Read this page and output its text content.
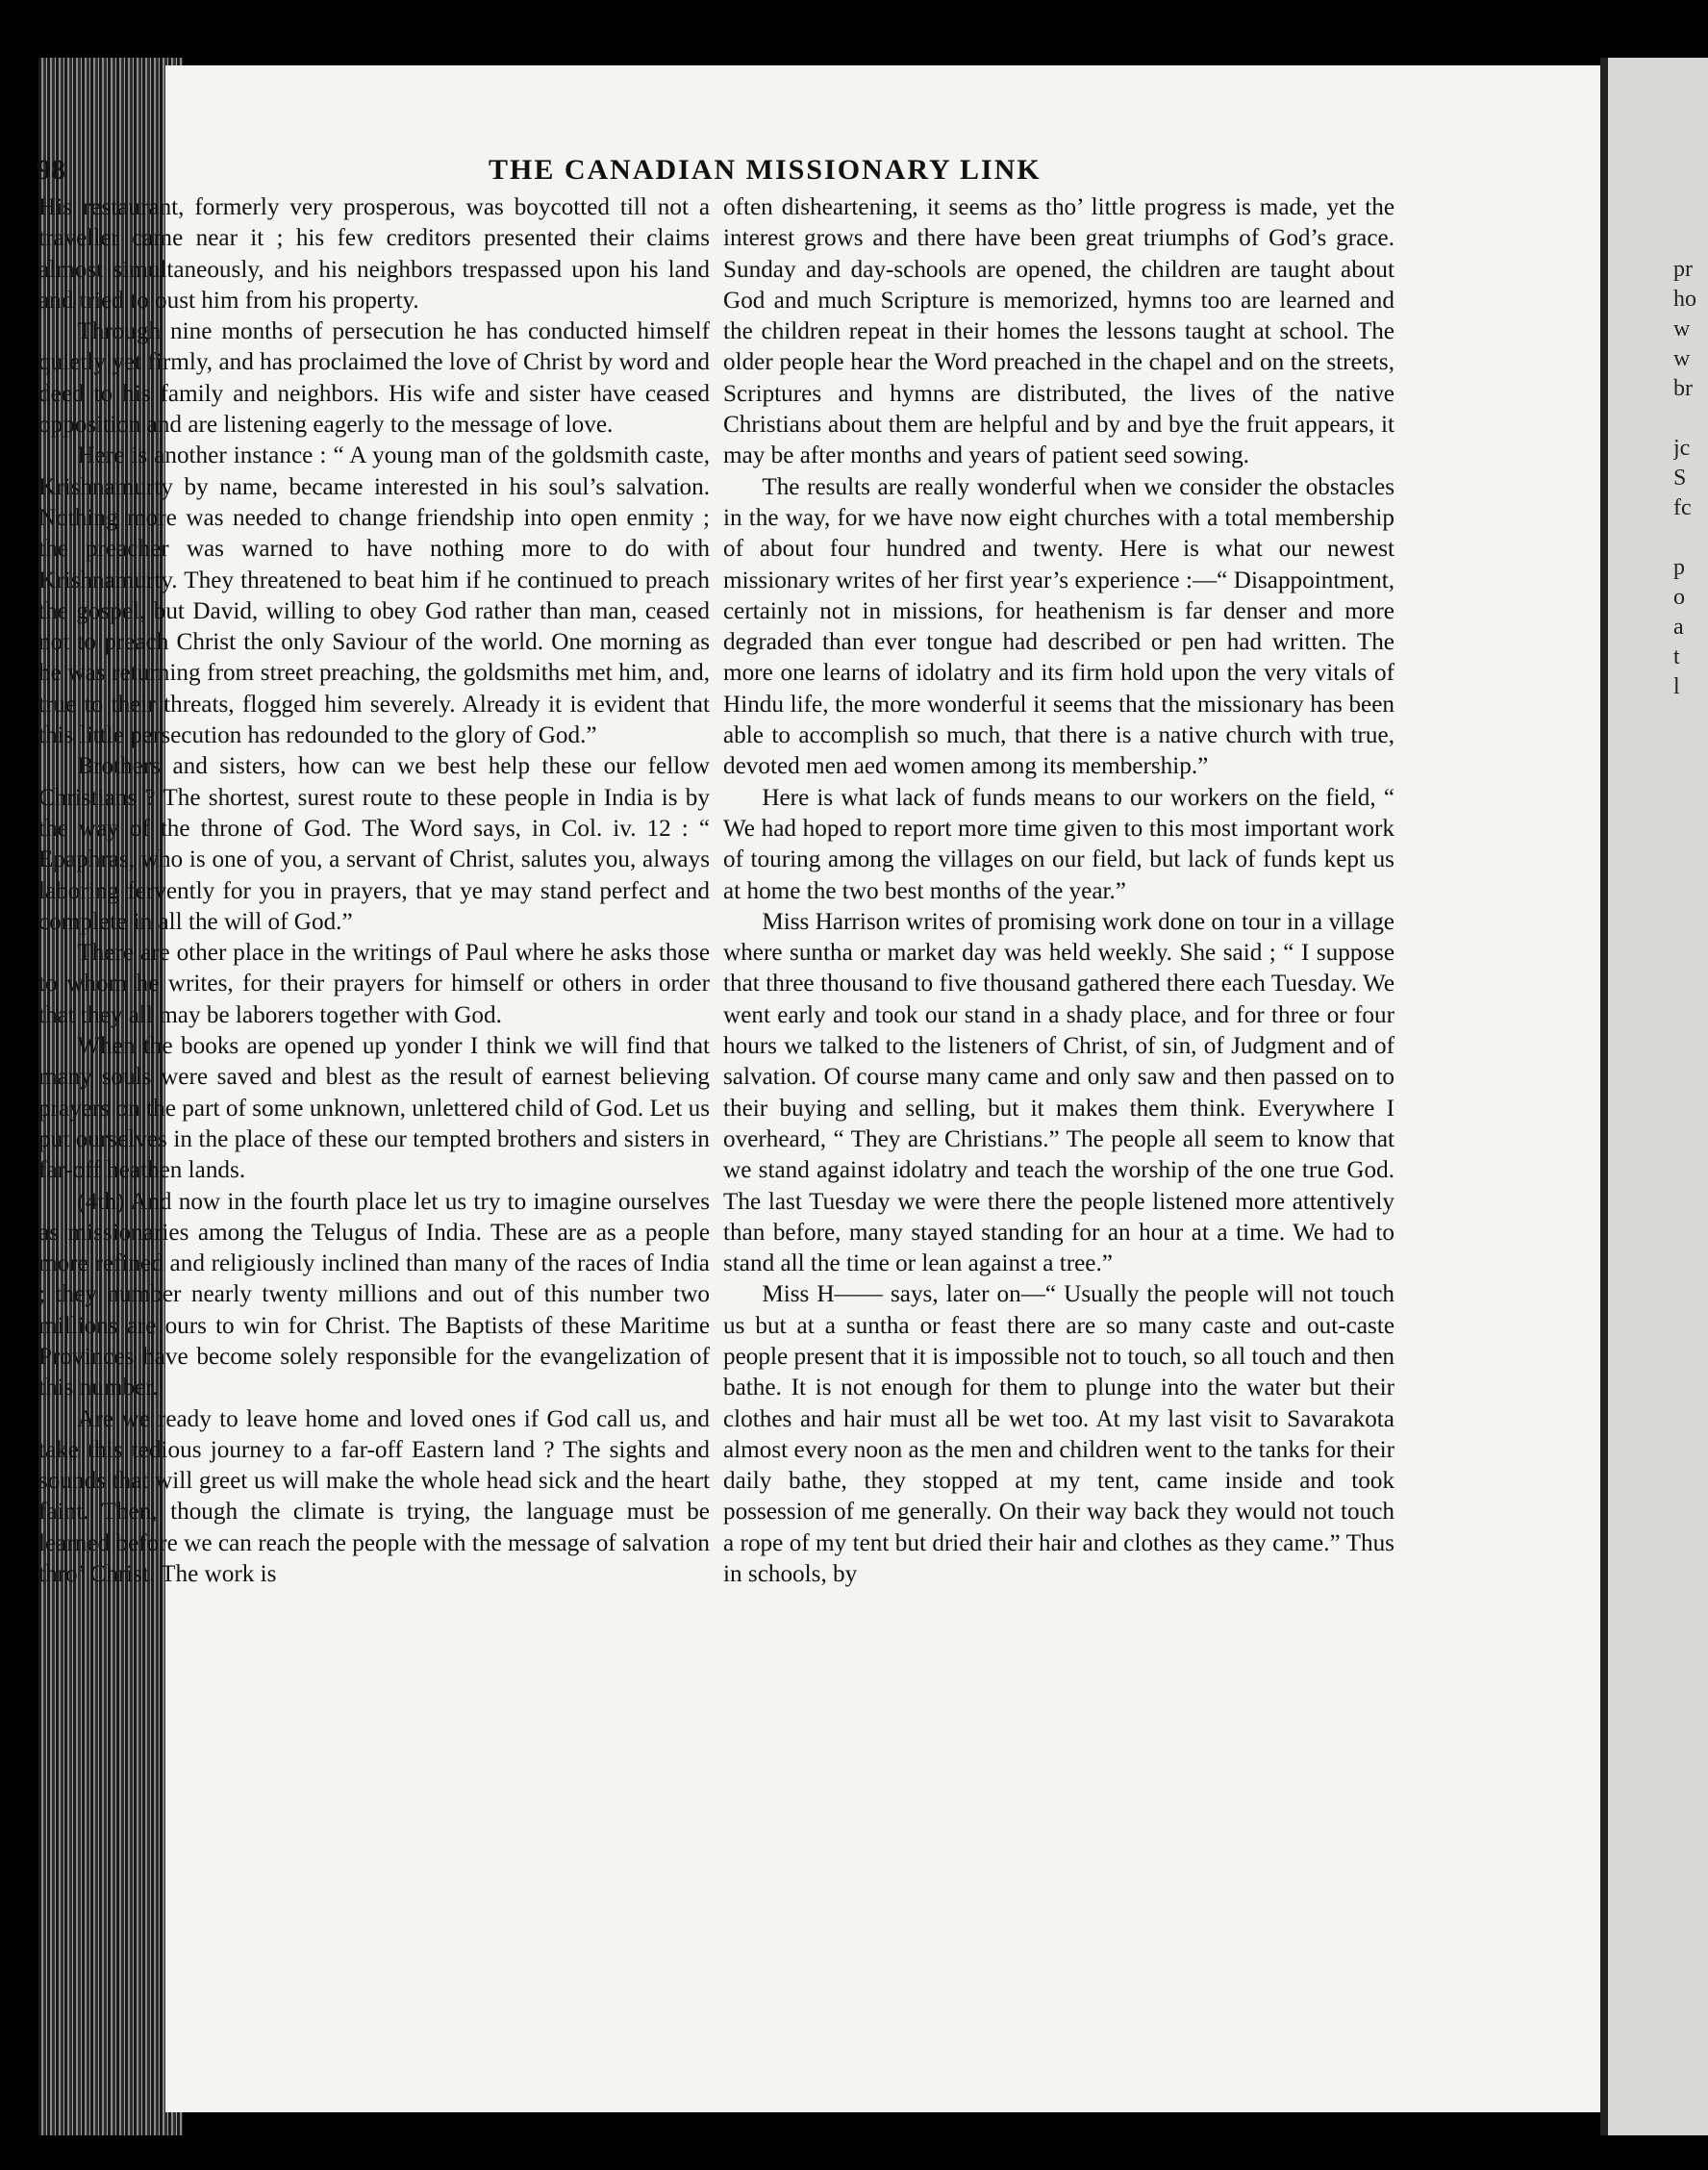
98	THE CANADIAN MISSIONARY LINK

His restaurant, formerly very prosperous, was boycotted till not a traveller came near it ; his few creditors presented their claims almost simultaneously, and his neighbors trespassed upon his land and tried to oust him from his property.

Through nine months of persecution he has conducted himself quietly yet firmly, and has proclaimed the love of Christ by word and deed to his family and neighbors. His wife and sister have ceased opposition and are listening eagerly to the message of love.

Here is another instance : “ A young man of the goldsmith caste, Krishnamurty by name, became interested in his soul’s salvation. Nothing more was needed to change friendship into open enmity ; the preacher was warned to have nothing more to do with Krishnamurty. They threatened to beat him if he continued to preach the gospel, but David, willing to obey God rather than man, ceased not to preach Christ the only Saviour of the world. One morning as he was returning from street preaching, the goldsmiths met him, and, true to their threats, flogged him severely. Already it is evident that this little persecution has redounded to the glory of God.”

Brothers and sisters, how can we best help these our fellow Christians ? The shortest, surest route to these people in India is by the way of the throne of God. The Word says, in Col. iv. 12 : “ Epaphras, who is one of you, a servant of Christ, salutes you, always laboring fervently for you in prayers, that ye may stand perfect and complete in all the will of God.”

There are other place in the writings of Paul where he asks those to whom he writes, for their prayers for himself or others in order that they all may be laborers together with God.

When the books are opened up yonder I think we will find that many souls were saved and blest as the result of earnest believing prayers on the part of some unknown, unlettered child of God. Let us put ourselves in the place of these our tempted brothers and sisters in far-off heathen lands.

(4th) And now in the fourth place let us try to imagine ourselves as missionaries among the Telugus of India. These are as a people more refined and religiously inclined than many of the races of India ; they number nearly twenty millions and out of this number two millions are ours to win for Christ. The Baptists of these Maritime Provinces have become solely responsible for the evangelization of this number.

Are we ready to leave home and loved ones if God call us, and take this tedious journey to a far-off Eastern land ? The sights and sounds that will greet us will make the whole head sick and the heart faint. Then, though the climate is trying, the language must be learned before we can reach the people with the message of salvation thro’ Christ. The work is

often disheartening, it seems as tho’ little progress is made, yet the interest grows and there have been great triumphs of God’s grace. Sunday and day-schools are opened, the children are taught about God and much Scripture is memorized, hymns too are learned and the children repeat in their homes the lessons taught at school. The older people hear the Word preached in the chapel and on the streets, Scriptures and hymns are distributed, the lives of the native Christians about them are helpful and by and bye the fruit appears, it may be after months and years of patient seed sowing.

The results are really wonderful when we consider the obstacles in the way, for we have now eight churches with a total membership of about four hundred and twenty. Here is what our newest missionary writes of her first year’s experience :—“ Disappointment, certainly not in missions, for heathenism is far denser and more degraded than ever tongue had described or pen had written. The more one learns of idolatry and its firm hold upon the very vitals of Hindu life, the more wonderful it seems that the missionary has been able to accomplish so much, that there is a native church with true, devoted men aed women among its membership.”

Here is what lack of funds means to our workers on the field, “ We had hoped to report more time given to this most important work of touring among the villages on our field, but lack of funds kept us at home the two best months of the year.”

Miss Harrison writes of promising work done on tour in a village where suntha or market day was held weekly. She said ; “ I suppose that three thousand to five thousand gathered there each Tuesday. We went early and took our stand in a shady place, and for three or four hours we talked to the listeners of Christ, of sin, of Judgment and of salvation. Of course many came and only saw and then passed on to their buying and selling, but it makes them think. Everywhere I overheard, “ They are Christians.” The people all seem to know that we stand against idolatry and teach the worship of the one true God. The last Tuesday we were there the people listened more attentively than before, many stayed standing for an hour at a time. We had to stand all the time or lean against a tree.”

Miss H—— says, later on—“ Usually the people will not touch us but at a suntha or feast there are so many caste and out-caste people present that it is impossible not to touch, so all touch and then bathe. It is not enough for them to plunge into the water but their clothes and hair must all be wet too. At my last visit to Savarakota almost every noon as the men and children went to the tanks for their daily bathe, they stopped at my tent, came inside and took possession of me generally. On their way back they would not touch a rope of my tent but dried their hair and clothes as they came.” Thus in schools, by

pr
ho
w
w
br
jc
S
fc
p
o
a
t
l
